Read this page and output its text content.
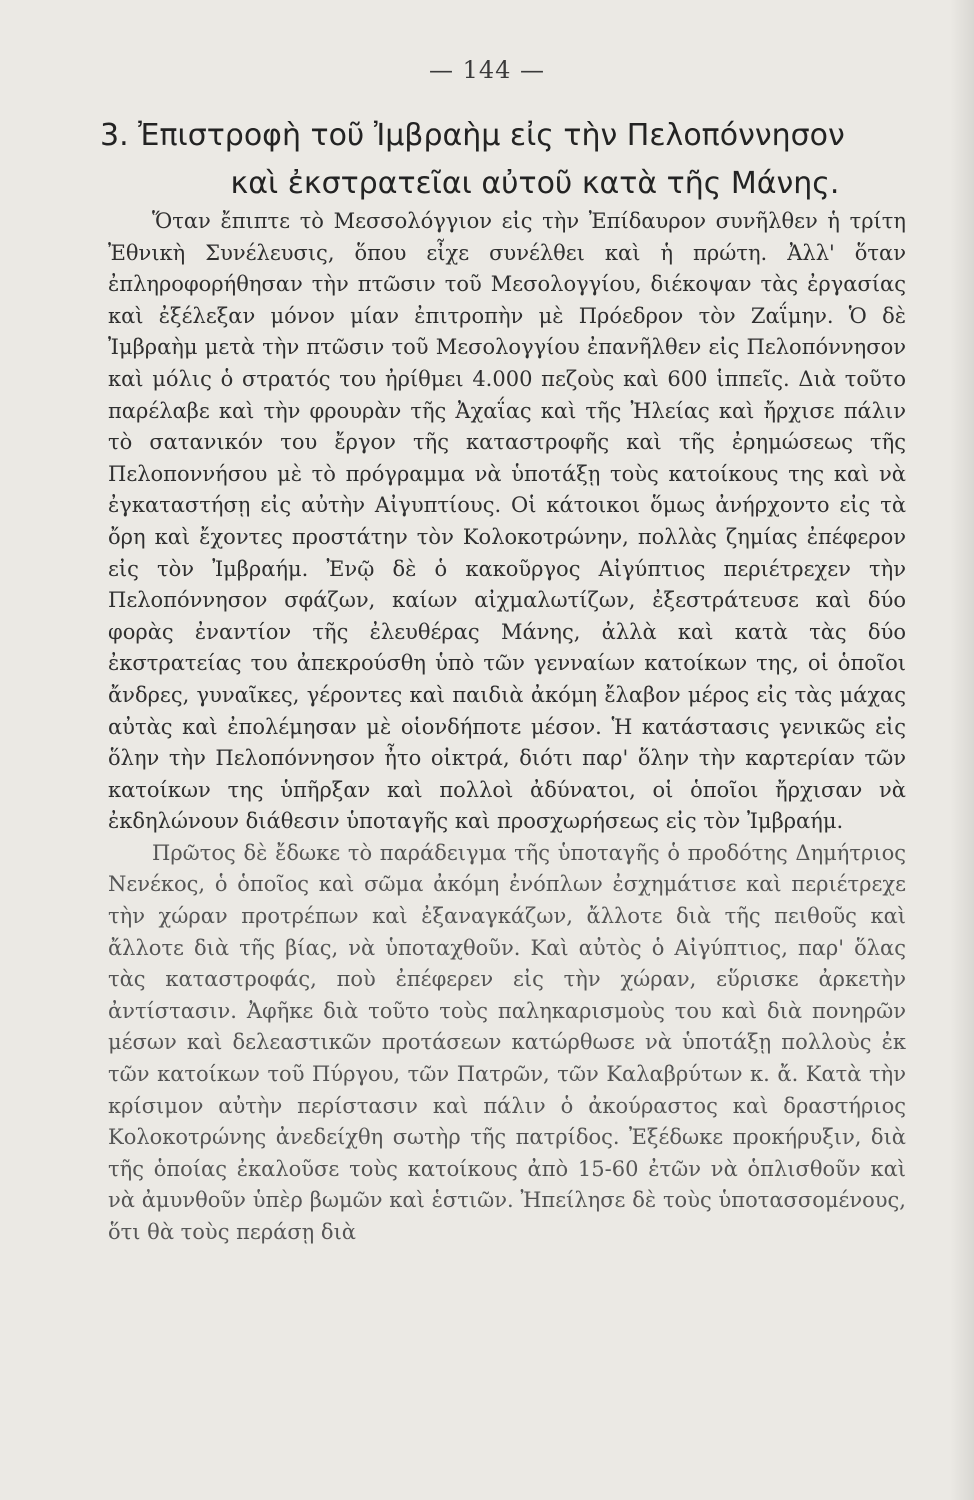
— 144 —
3. Ἐπιστροφὴ τοῦ Ἰμβραὴμ εἰς τὴν Πελοπόννησον
καὶ ἐκστρατεῖαι αὐτοῦ κατὰ τῆς Μάνης.

Ὅταν ἔπιπτε τὸ Μεσσολόγγιον εἰς τὴν Ἐπίδαυρον συνῆλθεν ἡ τρίτη Ἐθνικὴ Συνέλευσις, ὅπου εἶχε συνέλθει καὶ ἡ πρώτη. Ἀλλ' ὅταν ἐπληροφορήθησαν τὴν πτῶσιν τοῦ Μεσολογγίου, διέκοψαν τὰς ἐργασίας καὶ ἐξέλεξαν μόνον μίαν ἐπιτροπὴν μὲ Πρόεδρον τὸν Ζαΐμην. Ὁ δὲ Ἰμβραὴμ μετὰ τὴν πτῶσιν τοῦ Μεσολογγίου ἐπανῆλθεν εἰς Πελοπόννησον καὶ μόλις ὁ στρατός του ἠρίθμει 4.000 πεζοὺς καὶ 600 ἱππεῖς. Διὰ τοῦτο παρέλαβε καὶ τὴν φρουρὰν τῆς Ἀχαΐας καὶ τῆς Ἠλείας καὶ ἤρχισε πάλιν τὸ σατανικόν του ἔργον τῆς καταστροφῆς καὶ τῆς ἐρημώσεως τῆς Πελοποννήσου μὲ τὸ πρόγραμμα νὰ ὑποτάξῃ τοὺς κατοίκους της καὶ νὰ ἐγκαταστήσῃ εἰς αὐτὴν Αἰγυπτίους. Οἱ κάτοικοι ὅμως ἀνήρχοντο εἰς τὰ ὄρη καὶ ἔχοντες προστάτην τὸν Κολοκοτρώνην, πολλὰς ζημίας ἐπέφερον εἰς τὸν Ἰμβραήμ. Ἐνῷ δὲ ὁ κακοῦργος Αἰγύπτιος περιέτρεχεν τὴν Πελοπόννησον σφάζων, καίων αἰχμαλωτίζων, ἐξεστράτευσε καὶ δύο φορὰς ἐναντίον τῆς ἐλευθέρας Μάνης, ἀλλὰ καὶ κατὰ τὰς δύο ἐκστρατείας του ἀπεκρούσθη ὑπὸ τῶν γενναίων κατοίκων της, οἱ ὁποῖοι ἄνδρες, γυναῖκες, γέροντες καὶ παιδιὰ ἀκόμη ἔλαβον μέρος εἰς τὰς μάχας αὐτὰς καὶ ἐπολέμησαν μὲ οἱονδήποτε μέσον. Ἡ κατάστασις γενικῶς εἰς ὅλην τὴν Πελοπόννησον ἦτο οἰκτρά, διότι παρ' ὅλην τὴν καρτερίαν τῶν κατοίκων της ὑπῆρξαν καὶ πολλοὶ ἀδύνατοι, οἱ ὁποῖοι ἤρχισαν νὰ ἐκδηλώνουν διάθεσιν ὑποταγῆς καὶ προσχωρήσεως εἰς τὸν Ἰμβραήμ.

Πρῶτος δὲ ἔδωκε τὸ παράδειγμα τῆς ὑποταγῆς ὁ προδότης Δημήτριος Νενέκος, ὁ ὁποῖος καὶ σῶμα ἀκόμη ἐνόπλων ἐσχημάτισε καὶ περιέτρεχε τὴν χώραν προτρέπων καὶ ἐξαναγκάζων, ἄλλοτε διὰ τῆς πειθοῦς καὶ ἄλλοτε διὰ τῆς βίας, νὰ ὑποταχθοῦν. Καὶ αὐτὸς ὁ Αἰγύπτιος, παρ' ὅλας τὰς καταστροφάς, ποὺ ἐπέφερεν εἰς τὴν χώραν, εὕρισκε ἀρκετὴν ἀντίστασιν. Ἀφῆκε διὰ τοῦτο τοὺς παληκαρισμοὺς του καὶ διὰ πονηρῶν μέσων καὶ δελεαστικῶν προτάσεων κατώρθωσε νὰ ὑποτάξῃ πολλοὺς ἐκ τῶν κατοίκων τοῦ Πύργου, τῶν Πατρῶν, τῶν Καλαβρύτων κ. ἄ. Κατὰ τὴν κρίσιμον αὐτὴν περίστασιν καὶ πάλιν ὁ ἀκούραστος καὶ δραστήριος Κολοκοτρώνης ἀνεδείχθη σωτὴρ τῆς πατρίδος. Ἐξέδωκε προκήρυξιν, διὰ τῆς ὁποίας ἐκαλοῦσε τοὺς κατοίκους ἀπὸ 15-60 ἐτῶν νὰ ὁπλισθοῦν καὶ νὰ ἀμυνθοῦν ὑπὲρ βωμῶν καὶ ἑστιῶν. Ἠπείλησε δὲ τοὺς ὑποτασσομένους, ὅτι θὰ τοὺς περάσῃ διὰ
